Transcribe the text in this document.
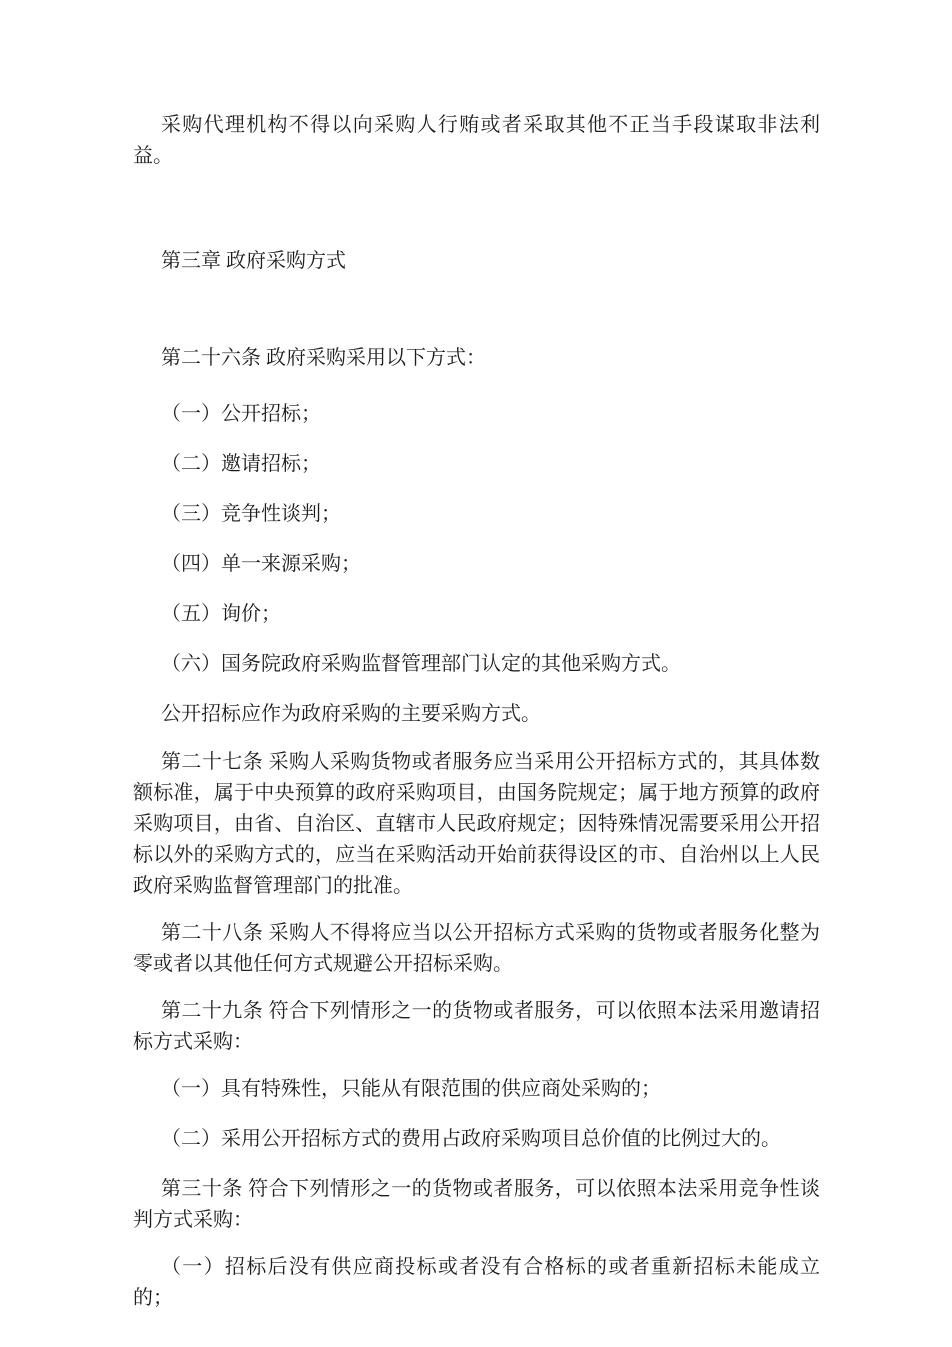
采购代理机构不得以向采购人行贿或者采取其他不正当手段谋取非法利益。

第三章 政府采购方式

第二十六条 政府采购采用以下方式：

（一）公开招标；

（二）邀请招标；

（三）竞争性谈判；

（四）单一来源采购；

（五）询价；

（六）国务院政府采购监督管理部门认定的其他采购方式。

公开招标应作为政府采购的主要采购方式。

第二十七条 采购人采购货物或者服务应当采用公开招标方式的，其具体数额标准，属于中央预算的政府采购项目，由国务院规定；属于地方预算的政府采购项目，由省、自治区、直辖市人民政府规定；因特殊情况需要采用公开招标以外的采购方式的，应当在采购活动开始前获得设区的市、自治州以上人民政府采购监督管理部门的批准。

第二十八条 采购人不得将应当以公开招标方式采购的货物或者服务化整为零或者以其他任何方式规避公开招标采购。

第二十九条 符合下列情形之一的货物或者服务，可以依照本法采用邀请招标方式采购：

（一）具有特殊性，只能从有限范围的供应商处采购的；

（二）采用公开招标方式的费用占政府采购项目总价值的比例过大的。

第三十条 符合下列情形之一的货物或者服务，可以依照本法采用竞争性谈判方式采购：

（一）招标后没有供应商投标或者没有合格标的或者重新招标未能成立的；
